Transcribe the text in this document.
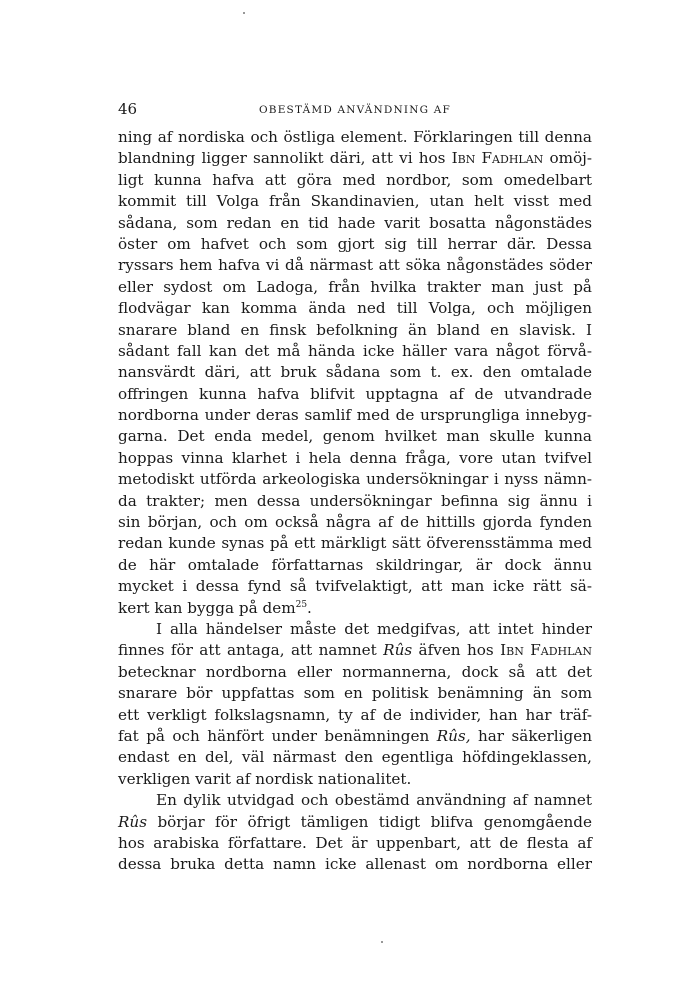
46	OBESTÄMD ANVÄNDNING AF
ning af nordiska och östliga element. Förklaringen till denna
blandning ligger sannolikt däri, att vi hos Ibn Fadhlan omöj-
ligt kunna hafva att göra med nordbor, som omedelbart
kommit till Volga från Skandinavien, utan helt visst med
sådana, som redan en tid hade varit bosatta någonstädes
öster om hafvet och som gjort sig till herrar där. Dessa
ryssars hem hafva vi då närmast att söka någonstädes söder
eller sydost om Ladoga, från hvilka trakter man just på
flodvägar kan komma ända ned till Volga, och möjligen
snarare bland en finsk befolkning än bland en slavisk. I
sådant fall kan det må hända icke häller vara något förvå-
nansvärdt däri, att bruk sådana som t. ex. den omtalade
offringen kunna hafva blifvit upptagna af de utvandrade
nordborna under deras samlif med de ursprungliga innebyg-
garna. Det enda medel, genom hvilket man skulle kunna
hoppas vinna klarhet i hela denna fråga, vore utan tvifvel
metodiskt utförda arkeologiska undersökningar i nyss nämn-
da trakter; men dessa undersökningar befinna sig ännu i
sin början, och om också några af de hittills gjorda fynden
redan kunde synas på ett märkligt sätt öfverensstämma med
de här omtalade författarnas skildringar, är dock ännu
mycket i dessa fynd så tvifvelaktigt, att man icke rätt sä-
kert kan bygga på dem$^{25}$.
I alla händelser måste det medgifvas, att intet hinder
finnes för att antaga, att namnet Rûs äfven hos Ibn Fadhlan
betecknar nordborna eller normannerna, dock så att det
snarare bör uppfattas som en politisk benämning än som
ett verkligt folkslagsnamn, ty af de individer, han har träf-
fat på och hänfört under benämningen Rûs, har säkerligen
endast en del, väl närmast den egentliga höfdingeklassen,
verkligen varit af nordisk nationalitet.
En dylik utvidgad och obestämd användning af namnet
Rûs börjar för öfrigt tämligen tidigt blifva genomgående
hos arabiska författare. Det är uppenbart, att de flesta af
dessa bruka detta namn icke allenast om nordborna eller
